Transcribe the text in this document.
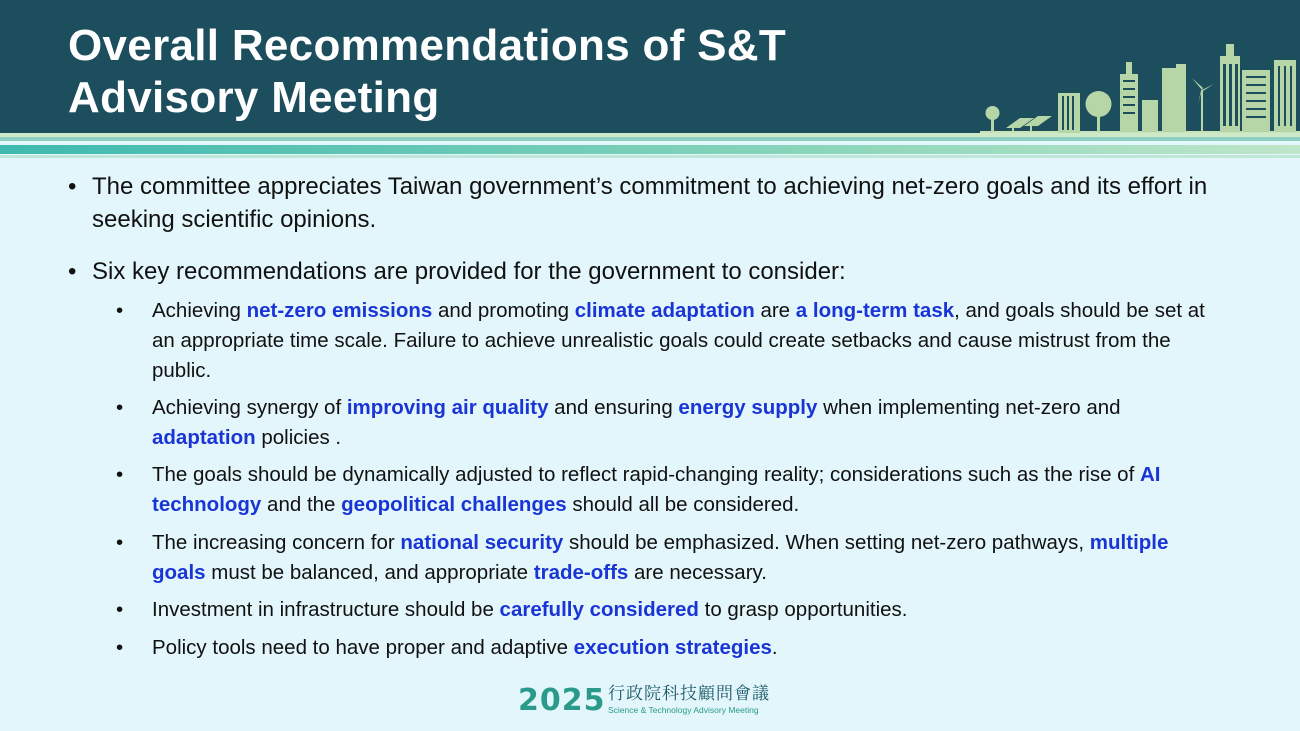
Overall Recommendations of S&T
Advisory Meeting
• The committee appreciates Taiwan government’s commitment to achieving net-zero goals and its effort in seeking scientific opinions.
• Six key recommendations are provided for the government to consider:
•	Achieving net-zero emissions and promoting climate adaptation are a long-term task, and goals should be set at an appropriate time scale. Failure to achieve unrealistic goals could create setbacks and cause mistrust from the public.
•	Achieving synergy of improving air quality and ensuring energy supply when implementing net-zero and adaptation policies .
•	The goals should be dynamically adjusted to reflect rapid-changing reality; considerations such as the rise of AI technology and the geopolitical challenges should all be considered.
•	The increasing concern for national security should be emphasized. When setting net-zero pathways, multiple goals must be balanced, and appropriate trade-offs are necessary.
•	Investment in infrastructure should be carefully considered to grasp opportunities.
•	Policy tools need to have proper and adaptive execution strategies.
2025 行政院科技顧問會議
Science & Technology Advisory Meeting
